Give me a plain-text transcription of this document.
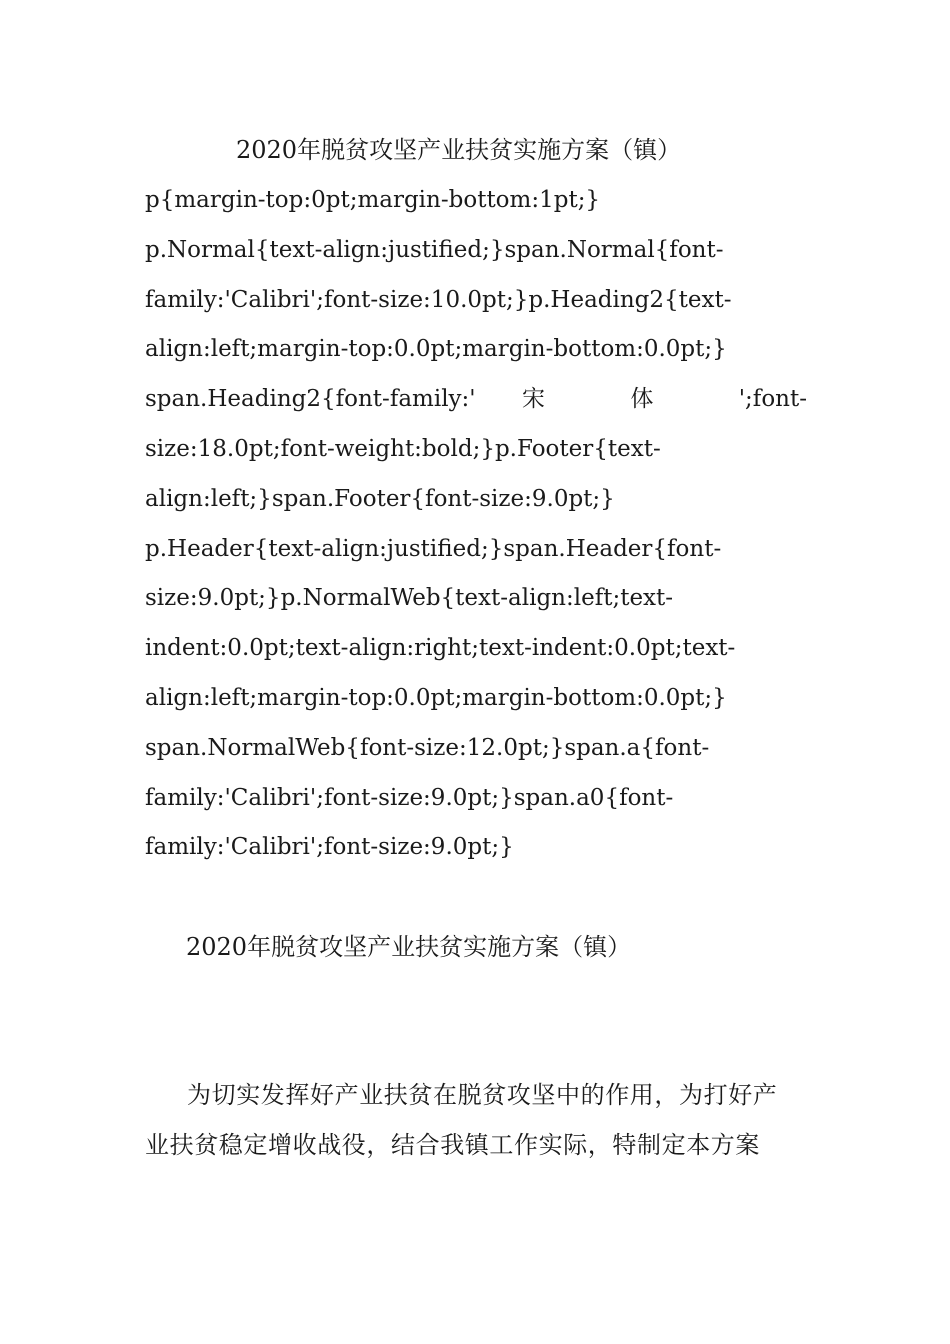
2020年脱贫攻坚产业扶贫实施方案（镇）

p{margin-top:0pt;margin-bottom:1pt;}
p.Normal{text-align:justified;}span.Normal{font-
family:'Calibri';font-size:10.0pt;}p.Heading2{text-
align:left;margin-top:0.0pt;margin-bottom:0.0pt;}
span.Heading2{font-family:' 宋 体 ';font-
size:18.0pt;font-weight:bold;}p.Footer{text-
align:left;}span.Footer{font-size:9.0pt;}
p.Header{text-align:justified;}span.Header{font-
size:9.0pt;}p.NormalWeb{text-align:left;text-
indent:0.0pt;text-align:right;text-indent:0.0pt;text-
align:left;margin-top:0.0pt;margin-bottom:0.0pt;}
span.NormalWeb{font-size:12.0pt;}span.a{font-
family:'Calibri';font-size:9.0pt;}span.a0{font-
family:'Calibri';font-size:9.0pt;}

2020年脱贫攻坚产业扶贫实施方案（镇）

为切实发挥好产业扶贫在脱贫攻坚中的作用，为打好产
业扶贫稳定增收战役，结合我镇工作实际，特制定本方案
